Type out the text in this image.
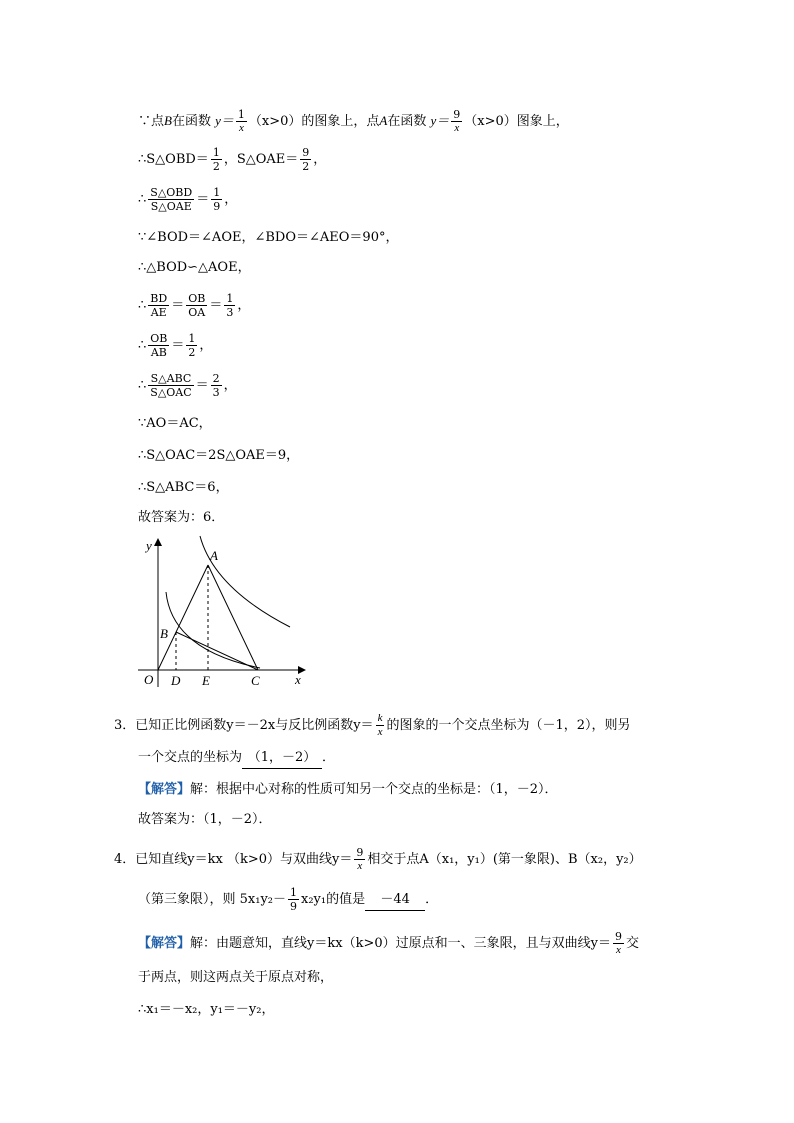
∵点B在函数 $y= \frac{1}{x} (x>0)$的图象上，点A在函数 $y= \frac{9}{x} (x>0)$图象上，
∴S△OBD＝ $\frac{1}{2}$ ，S△OAE＝ $\frac{9}{2}$ ，
∴ $\frac{\text{S△OBD}}{\text{S△OAE}} = \frac{1}{9}$ ，
∵∠BOD＝∠AOE，∠BDO＝∠AEO＝90°，
∴△BOD∽△AOE，
∴ $\frac{BD}{AE} = \frac{OB}{OA} = \frac{1}{3}$ ，
∴ $\frac{OB}{AB} = \frac{1}{2}$ ，
∴ $\frac{\text{S△ABC}}{\text{S△OAC}} = \frac{2}{3}$ ，
∵AO＝AC，
∴S△OAC＝2S△OAE＝9，
∴S△ABC＝6，
故答案为：6．
y
x
O
A
B
C
D E
3．已知正比例函数y＝－2x与反比例函数$y= \frac{k}{x}$ 的图象的一个交点坐标为（－1，2），则另
一个交点的坐标为 （1，－2） ．
【解答】解：根据中心对称的性质可知另一个交点的坐标是：（1，－2）．
故答案为：（1，－2）．
4．已知直线y＝kx （k>0）与双曲线$y= \frac{9}{x}$ 相交于点A（x₁，y₁）(第一象限)、B（x₂，y₂）
（第三象限），则 $5x_1y_2- \frac{1}{9} x_2y_1$的值是 －44 ．
【解答】解：由题意知，直线y＝kx（k>0）过原点和一、三象限，且与双曲线$y= \frac{9}{x}$ 交
于两点，则这两点关于原点对称，
∴x₁＝－x₂，y₁＝－y₂，
